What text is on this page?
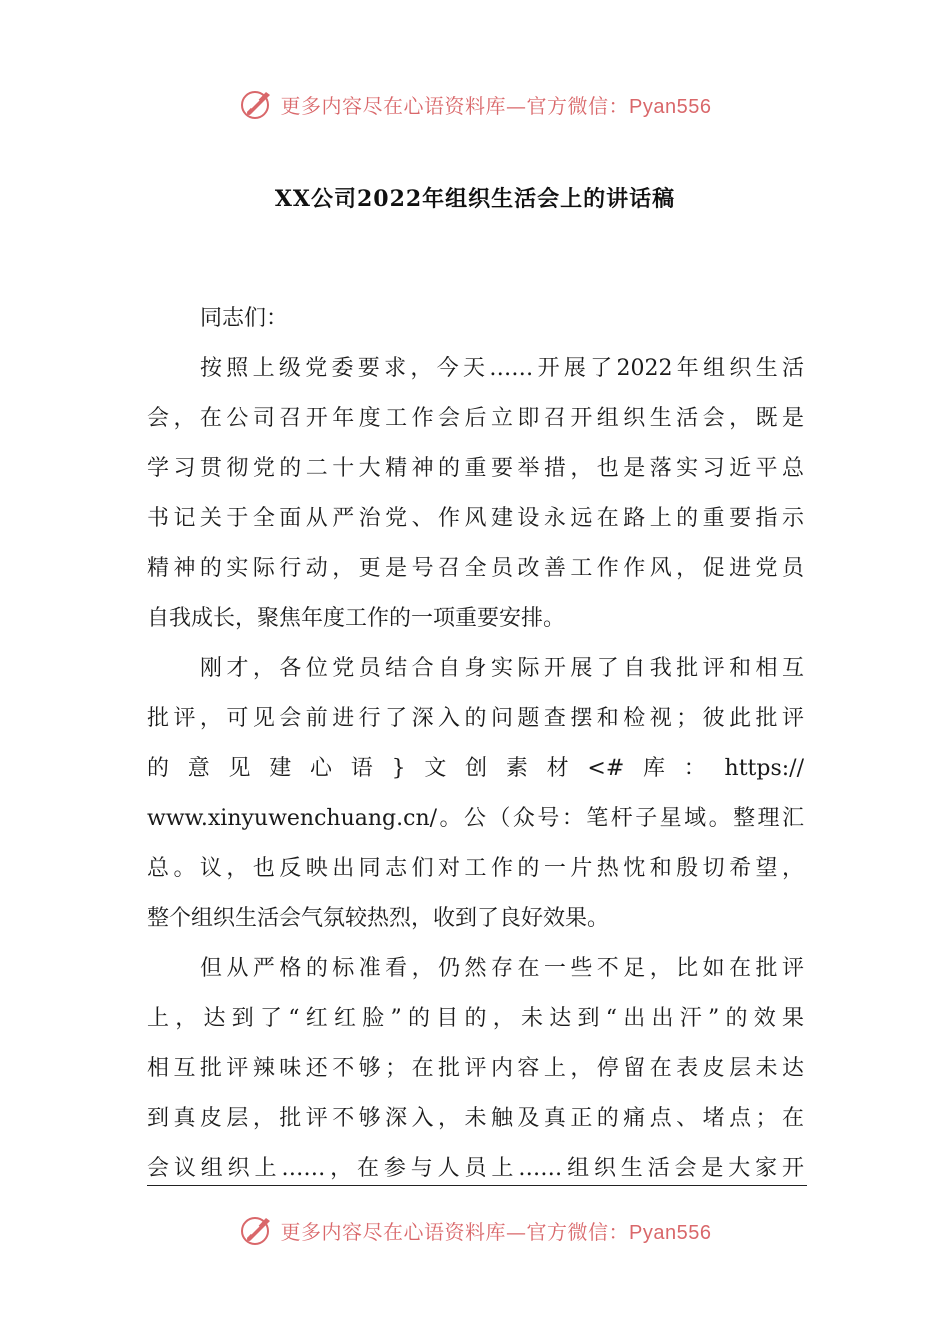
更多内容尽在心语资料库—官方微信：Pyan556
XX公司2022年组织生活会上的讲话稿

同志们：

按照上级党委要求，今天……开展了2022年组织生活
会，在公司召开年度工作会后立即召开组织生活会，既是
学习贯彻党的二十大精神的重要举措，也是落实习近平总
书记关于全面从严治党、作风建设永远在路上的重要指示
精神的实际行动，更是号召全员改善工作作风，促进党员
自我成长，聚焦年度工作的一项重要安排。

刚才，各位党员结合自身实际开展了自我批评和相互
批评，可见会前进行了深入的问题查摆和检视；彼此批评
的意见建心语}文创素材<#库：https://
www.xinyuwenchuang.cn/。公（众号：笔杆子星域。整理汇
总。议，也反映出同志们对工作的一片热忱和殷切希望，
整个组织生活会气氛较热烈，收到了良好效果。

但从严格的标准看，仍然存在一些不足，比如在批评
上，达到了“红红脸”的目的，未达到“出出汗”的效果
相互批评辣味还不够；在批评内容上，停留在表皮层未达
到真皮层，批评不够深入，未触及真正的痛点、堵点；在
会议组织上……，在参与人员上……组织生活会是大家开

更多内容尽在心语资料库—官方微信：Pyan556
